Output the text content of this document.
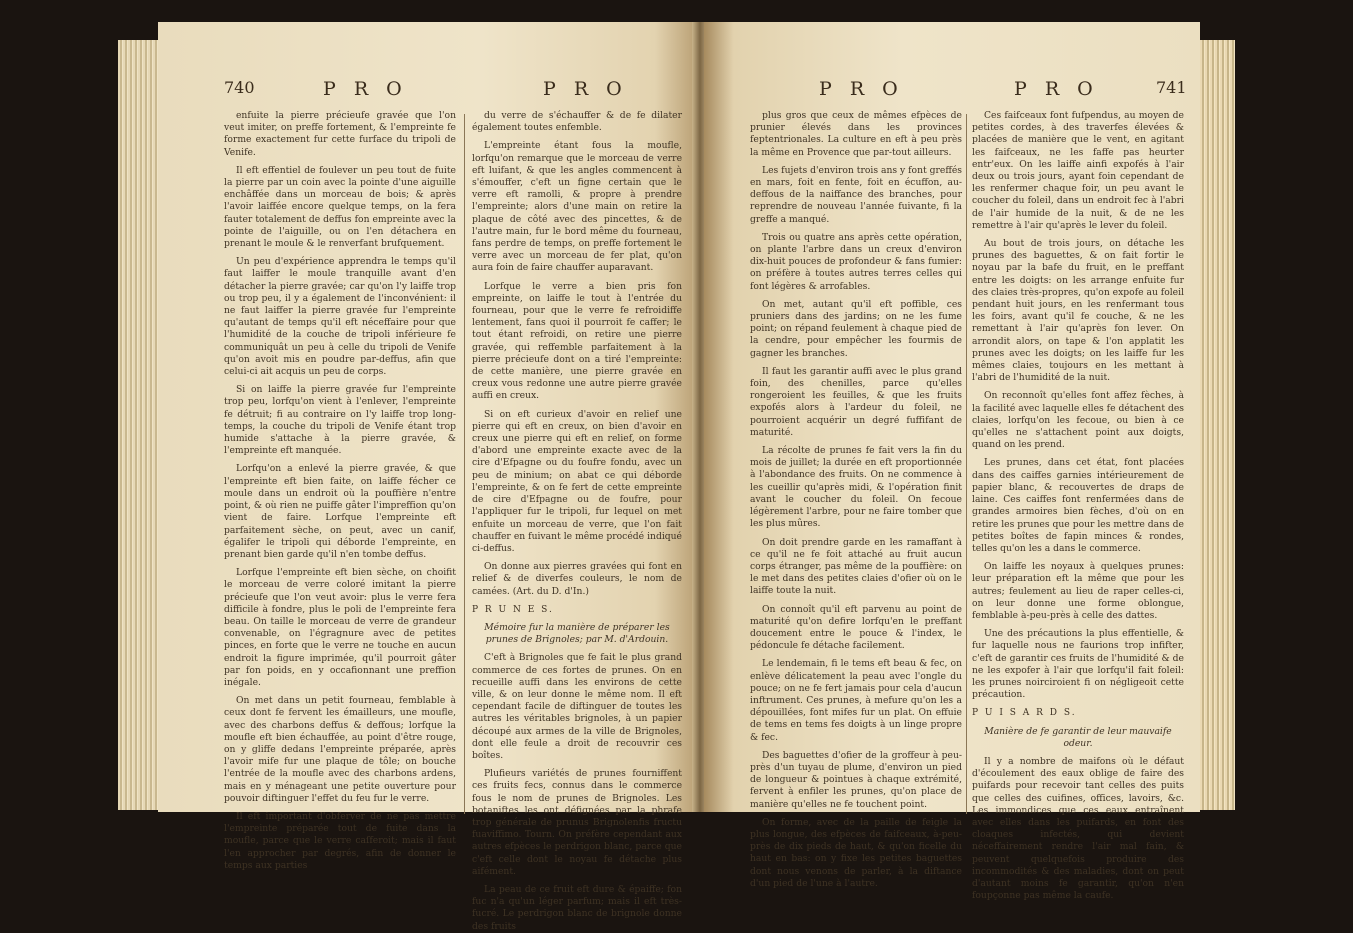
740	P R O	P R O

enfuite la pierre précieufe gravée que l'on veut imiter, on preffe fortement, & l'empreinte fe forme exactement fur cette furface du tripoli de Venife.

Il eft effentiel de foulever un peu tout de fuite la pierre par un coin avec la pointe d'une aiguille enchâffée dans un morceau de bois; & après l'avoir laiffée encore quelque temps, on la fera fauter totalement de deffus fon empreinte avec la pointe de l'aiguille, ou on l'en détachera en prenant le moule & le renverfant brufquement.

Un peu d'expérience apprendra le temps qu'il faut laiffer le moule tranquille avant d'en détacher la pierre gravée; car qu'on l'y laiffe trop ou trop peu, il y a également de l'inconvénient: il ne faut laiffer la pierre gravée fur l'empreinte qu'autant de temps qu'il eft néceffaire pour que l'humidité de la couche de tripoli inférieure fe communiquât un peu à celle du tripoli de Venife qu'on avoit mis en poudre par-deffus, afin que celui-ci ait acquis un peu de corps.

Si on laiffe la pierre gravée fur l'empreinte trop peu, lorfqu'on vient à l'enlever, l'empreinte fe détruit; fi au contraire on l'y laiffe trop long-temps, la couche du tripoli de Venife étant trop humide s'attache à la pierre gravée, & l'empreinte eft manquée.

Lorfqu'on a enlevé la pierre gravée, & que l'empreinte eft bien faite, on laiffe fécher ce moule dans un endroit où la pouffière n'entre point, & où rien ne puiffe gâter l'impreffion qu'on vient de faire. Lorfque l'empreinte eft parfaitement sèche, on peut, avec un canif, égalifer le tripoli qui déborde l'empreinte, en prenant bien garde qu'il n'en tombe deffus.

Lorfque l'empreinte eft bien sèche, on choifit le morceau de verre coloré imitant la pierre précieufe que l'on veut avoir: plus le verre fera difficile à fondre, plus le poli de l'empreinte fera beau. On taille le morceau de verre de grandeur convenable, on l'égragnure avec de petites pinces, en forte que le verre ne touche en aucun endroit la figure imprimée, qu'il pourroit gâter par fon poids, en y occafionnant une preffion inégale.

On met dans un petit fourneau, femblable à ceux dont fe fervent les émailleurs, une moufle, avec des charbons deffus & deffous; lorfque la moufle eft bien échauffée, au point d'être rouge, on y gliffe dedans l'empreinte préparée, après l'avoir mife fur une plaque de tôle; on bouche l'entrée de la moufle avec des charbons ardens, mais en y ménageant une petite ouverture pour pouvoir diftinguer l'effet du feu fur le verre.

Il eft important d'obferver de ne pas mettre l'empreinte préparée tout de fuite dans la moufle, parce que le verre caſferoit; mais il faut l'en approcher par degrés, afin de donner le temps aux parties

du verre de s'échauffer & de fe dilater également toutes enfemble.

L'empreinte étant fous la moufle, lorfqu'on remarque que le morceau de verre eft luifant, & que les angles commencent à s'émouffer, c'eft un figne certain que le verre eft ramolli, & propre à prendre l'empreinte; alors d'une main on retire la plaque de côté avec des pincettes, & de l'autre main, fur le bord même du fourneau, fans perdre de temps, on preffe fortement le verre avec un morceau de fer plat, qu'on aura foin de faire chauffer auparavant.

Lorfque le verre a bien pris fon empreinte, on laiffe le tout à l'entrée du fourneau, pour que le verre fe refroidiffe lentement, fans quoi il pourroit fe caffer; le tout étant refroidi, on retire une pierre gravée, qui reffemble parfaitement à la pierre précieufe dont on a tiré l'empreinte: de cette manière, une pierre gravée en creux vous redonne une autre pierre gravée auffi en creux.

Si on eft curieux d'avoir en relief une pierre qui eft en creux, on bien d'avoir en creux une pierre qui eft en relief, on forme d'abord une empreinte exacte avec de la cire d'Efpagne ou du foufre fondu, avec un peu de minium; on abat ce qui déborde l'empreinte, & on fe fert de cette empreinte de cire d'Efpagne ou de foufre, pour l'appliquer fur le tripoli, fur lequel on met enfuite un morceau de verre, que l'on fait chauffer en fuivant le même procédé indiqué ci-deffus.

On donne aux pierres gravées qui font en relief & de diverfes couleurs, le nom de camées. (Art. du D. d'In.)

P R U N E S.

Mémoire fur la manière de préparer les prunes de Brignoles; par M. d'Ardouin.

C'eft à Brignoles que fe fait le plus grand commerce de ces fortes de prunes. On en recueille auffi dans les environs de cette ville, & on leur donne le même nom. Il eft cependant facile de diftinguer de toutes les autres les véritables brignoles, à un papier découpé aux armes de la ville de Brignoles, dont elle feule a droit de recouvrir ces boîtes.

Plufieurs variétés de prunes fourniffent ces fruits fecs, connus dans le commerce fous le nom de prunes de Brignoles. Les botaniftes les ont défignées par la phrafe trop générale de prunus Brignolenfis fructu fuaviffimo. Tourn. On préfère cependant aux autres efpèces le perdrigon blanc, parce que c'eft celle dont le noyau fe détache plus aifément.

La peau de ce fruit eft dure & épaiffe; fon fuc n'a qu'un léger parfum; mais il eft très-fucré. Le perdrigon blanc de brignole donne des fruits

P R O	P R O	741

plus gros que ceux de mêmes efpèces de prunier élevés dans les provinces feptentrionales. La culture en eft à peu près la même en Provence que par-tout ailleurs.

Les fujets d'environ trois ans y font greffés en mars, foit en fente, foit en écuffon, au-deffous de la naiffance des branches, pour reprendre de nouveau l'année fuivante, fi la greffe a manqué.

Trois ou quatre ans après cette opération, on plante l'arbre dans un creux d'environ dix-huit pouces de profondeur & fans fumier: on préfère à toutes autres terres celles qui font légères & arrofables.

On met, autant qu'il eft poffible, ces pruniers dans des jardins; on ne les fume point; on répand feulement à chaque pied de la cendre, pour empêcher les fourmis de gagner les branches.

Il faut les garantir auffi avec le plus grand foin, des chenilles, parce qu'elles rongeroient les feuilles, & que les fruits expofés alors à l'ardeur du foleil, ne pourroient acquérir un degré fuffifant de maturité.

La récolte de prunes fe fait vers la fin du mois de juillet; la durée en eft proportionnée à l'abondance des fruits. On ne commence à les cueillir qu'après midi, & l'opération finit avant le coucher du foleil. On fecoue légèrement l'arbre, pour ne faire tomber que les plus mûres.

On doit prendre garde en les ramaffant à ce qu'il ne fe foit attaché au fruit aucun corps étranger, pas même de la pouffière: on le met dans des petites claies d'ofier où on le laiffe toute la nuit.

On connoît qu'il eft parvenu au point de maturité qu'on defire lorfqu'en le preffant doucement entre le pouce & l'index, le pédoncule fe détache facilement.

Le lendemain, fi le tems eft beau & fec, on enlève délicatement la peau avec l'ongle du pouce; on ne fe fert jamais pour cela d'aucun inftrument. Ces prunes, à mefure qu'on les a dépouillées, font mifes fur un plat. On effuie de tems en tems fes doigts à un linge propre & fec.

Des baguettes d'ofier de la groffeur à peu-près d'un tuyau de plume, d'environ un pied de longueur & pointues à chaque extrémité, fervent à enfiler les prunes, qu'on place de manière qu'elles ne fe touchent point.

On forme, avec de la paille de feigle la plus longue, des efpèces de faifceaux, à-peu-près de dix pieds de haut, & qu'on ficelle du haut en bas: on y fixe les petites baguettes dont nous venons de parler, à la diftance d'un pied de l'une à l'autre.

Ces faifceaux font fufpendus, au moyen de petites cordes, à des traverfes élevées & placées de manière que le vent, en agitant les faifceaux, ne les faffe pas heurter entr'eux. On les laiffe ainfi expofés à l'air deux ou trois jours, ayant foin cependant de les renfermer chaque foir, un peu avant le coucher du foleil, dans un endroit fec à l'abri de l'air humide de la nuit, & de ne les remettre à l'air qu'après le lever du foleil.

Au bout de trois jours, on détache les prunes des baguettes, & on fait fortir le noyau par la bafe du fruit, en le preffant entre les doigts: on les arrange enfuite fur des claies très-propres, qu'on expofe au foleil pendant huit jours, en les renfermant tous les foirs, avant qu'il fe couche, & ne les remettant à l'air qu'après fon lever. On arrondit alors, on tape & l'on applatit les prunes avec les doigts; on les laiffe fur les mêmes claies, toujours en les mettant à l'abri de l'humidité de la nuit.

On reconnoît qu'elles font affez fèches, à la facilité avec laquelle elles fe détachent des claies, lorfqu'on les fecoue, ou bien à ce qu'elles ne s'attachent point aux doigts, quand on les prend.

Les prunes, dans cet état, font placées dans des caiffes garnies intérieurement de papier blanc, & recouvertes de draps de laine. Ces caiffes font renfermées dans de grandes armoires bien fèches, d'où on en retire les prunes que pour les mettre dans de petites boîtes de fapin minces & rondes, telles qu'on les a dans le commerce.

On laiffe les noyaux à quelques prunes: leur préparation eft la même que pour les autres; feulement au lieu de raper celles-ci, on leur donne une forme oblongue, femblable à-peu-près à celle des dattes.

Une des précautions la plus effentielle, & fur laquelle nous ne faurions trop infifter, c'eft de garantir ces fruits de l'humidité & de ne les expofer à l'air que lorfqu'il fait foleil: les prunes noirciroient fi on négligeoit cette précaution.

P U I S A R D S.

Manière de fe garantir de leur mauvaife odeur.

Il y a nombre de maifons où le défaut d'écoulement des eaux oblige de faire des puifards pour recevoir tant celles des puits que celles des cuifines, offices, lavoirs, &c. Les immondices que ces eaux entraînent avec elles dans les puifards, en font des cloaques infectés, qui devient néceffairement rendre l'air mal fain, & peuvent quelquefois produire des incommodités & des maladies, dont on peut d'autant moins fe garantir, qu'on n'en foupçonne pas même la caufe.
